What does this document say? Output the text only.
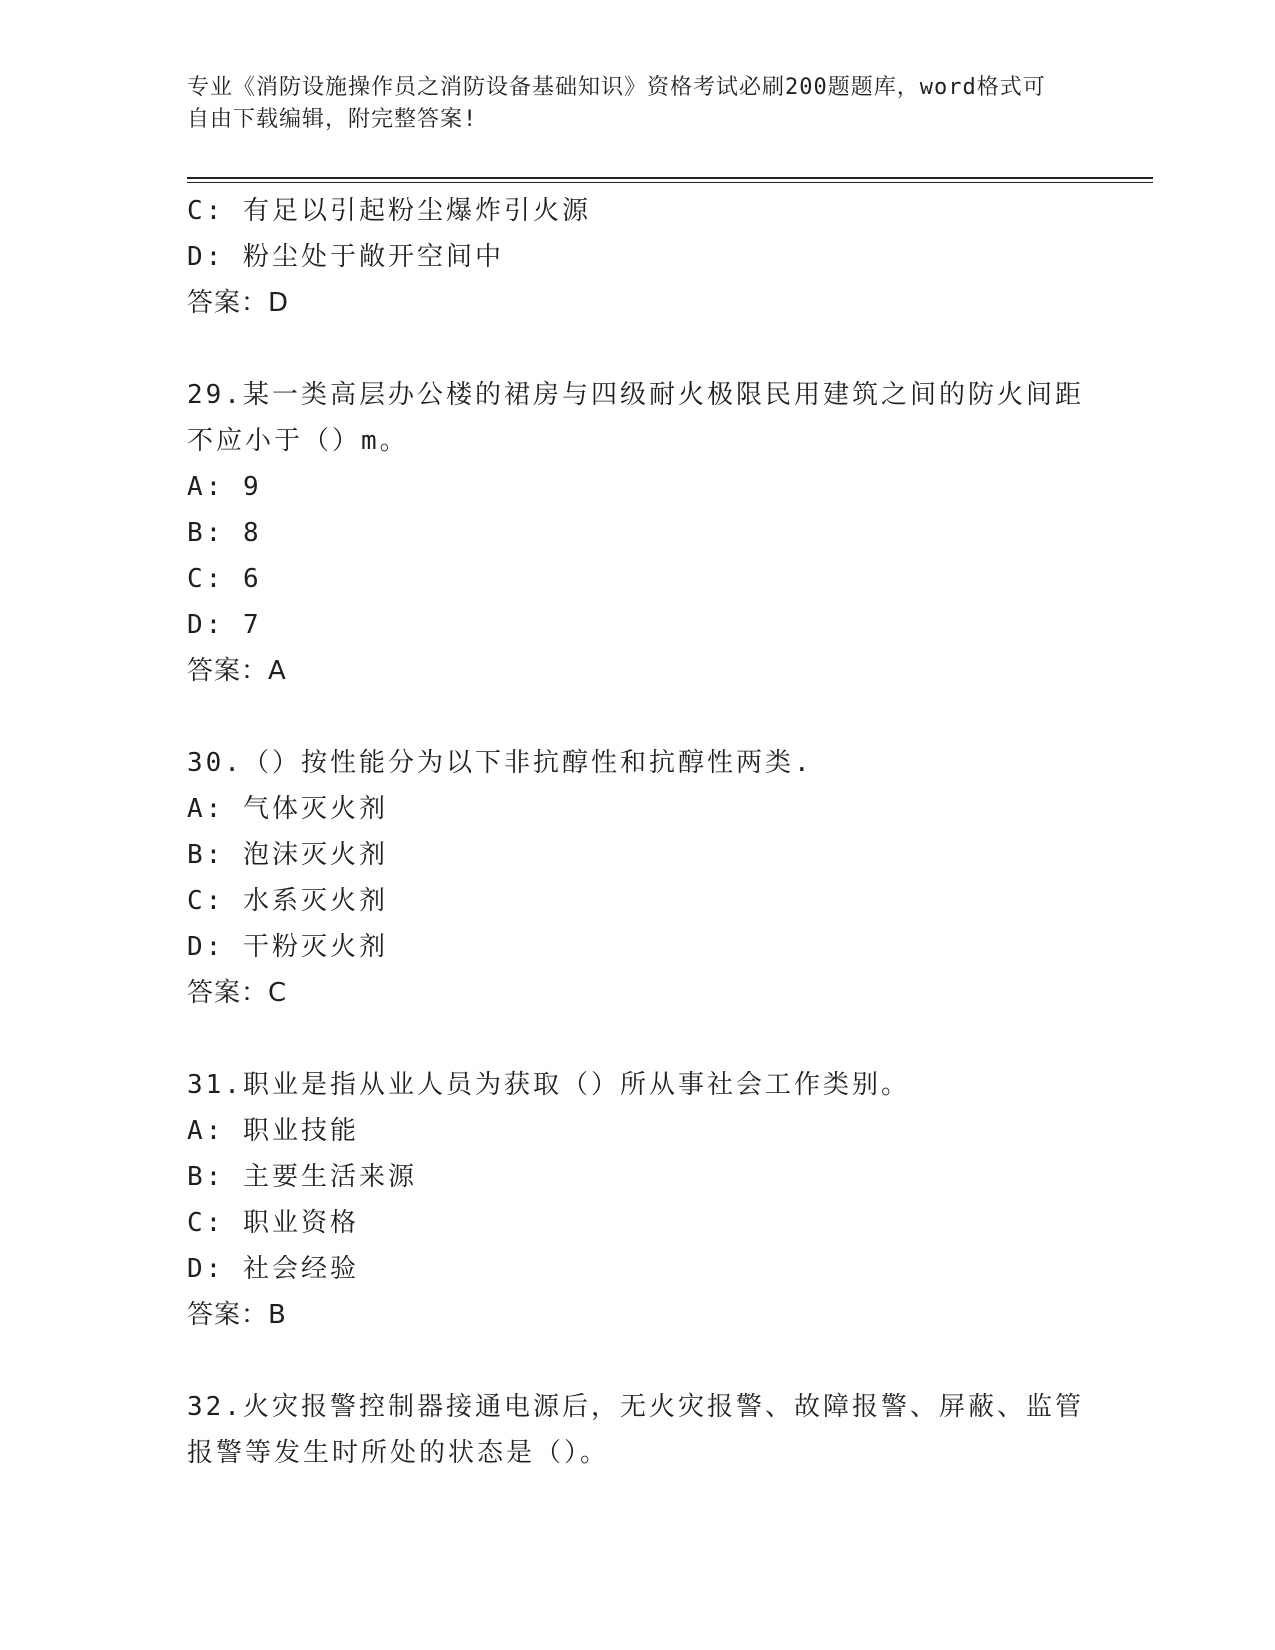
专业《消防设施操作员之消防设备基础知识》资格考试必刷200题题库，word格式可自由下载编辑，附完整答案!
C: 有足以引起粉尘爆炸引火源
D: 粉尘处于敞开空间中
答案：D
29.某一类高层办公楼的裙房与四级耐火极限民用建筑之间的防火间距不应小于（）m。
A: 9
B: 8
C: 6
D: 7
答案：A
30.（）按性能分为以下非抗醇性和抗醇性两类.
A: 气体灭火剂
B: 泡沫灭火剂
C: 水系灭火剂
D: 干粉灭火剂
答案：C
31.职业是指从业人员为获取（）所从事社会工作类别。
A: 职业技能
B: 主要生活来源
C: 职业资格
D: 社会经验
答案：B
32.火灾报警控制器接通电源后，无火灾报警、故障报警、屏蔽、监管报警等发生时所处的状态是（）。
